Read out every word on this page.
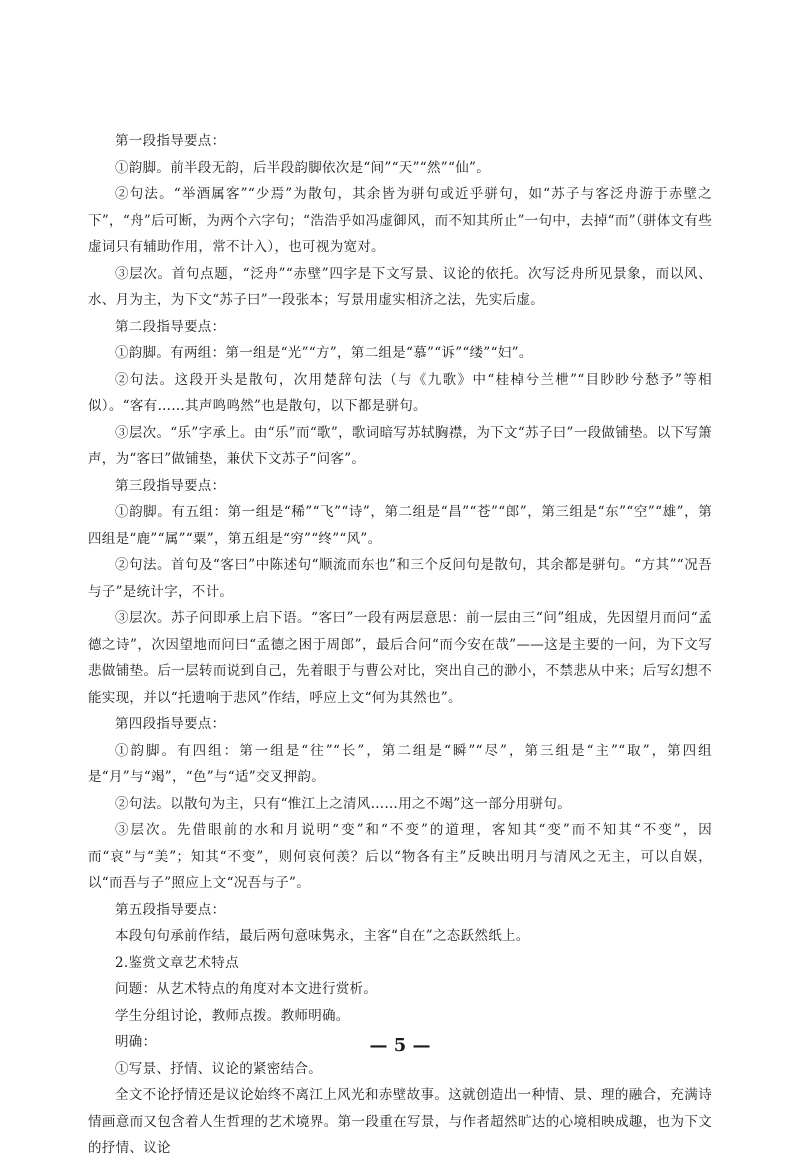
第一段指导要点：

①韵脚。前半段无韵，后半段韵脚依次是“间”“天”“然”“仙”。

②句法。“举酒属客”“少焉”为散句，其余皆为骈句或近乎骈句，如“苏子与客泛舟游于赤壁之下”，“舟”后可断，为两个六字句；“浩浩乎如冯虚御风，而不知其所止”一句中，去掉“而”（骈体文有些虚词只有辅助作用，常不计入），也可视为宽对。

③层次。首句点题，“泛舟”“赤壁”四字是下文写景、议论的依托。次写泛舟所见景象，而以风、水、月为主，为下文“苏子曰”一段张本；写景用虚实相济之法，先实后虚。

第二段指导要点：

①韵脚。有两组：第一组是“光”“方”，第二组是“慕”“诉”“缕”“妇”。

②句法。这段开头是散句，次用楚辞句法（与《九歌》中“桂棹兮兰枻”“目眇眇兮愁予”等相似）。“客有……其声鸣鸣然”也是散句，以下都是骈句。

③层次。“乐”字承上。由“乐”而“歌”，歌词暗写苏轼胸襟，为下文“苏子曰”一段做铺垫。以下写箫声，为“客曰”做铺垫，兼伏下文苏子“问客”。

第三段指导要点：

①韵脚。有五组：第一组是“稀”“飞”“诗”，第二组是“昌”“苍”“郎”，第三组是“东”“空”“雄”，第四组是“鹿”“属”“粟”，第五组是“穷”“终”“风”。

②句法。首句及“客曰”中陈述句“顺流而东也”和三个反问句是散句，其余都是骈句。“方其”“况吾与子”是统计字，不计。

③层次。苏子问即承上启下语。“客曰”一段有两层意思：前一层由三“问”组成，先因望月而问“孟德之诗”，次因望地而问曰“孟德之困于周郎”，最后合问“而今安在哉”——这是主要的一问，为下文写悲做铺垫。后一层转而说到自己，先着眼于与曹公对比，突出自己的渺小，不禁悲从中来；后写幻想不能实现，并以“托遗响于悲风”作结，呼应上文“何为其然也”。

第四段指导要点：

①韵脚。有四组：第一组是“往”“长”，第二组是“瞬”“尽”，第三组是“主”“取”，第四组是“月”与“竭”，“色”与“适”交叉押韵。

②句法。以散句为主，只有“惟江上之清风……用之不竭”这一部分用骈句。

③层次。先借眼前的水和月说明“变”和“不变”的道理，客知其“变”而不知其“不变”，因而“哀”与“美”；知其“不变”，则何哀何羡？后以“物各有主”反映出明月与清风之无主，可以自娱，以“而吾与子”照应上文“况吾与子”。

第五段指导要点：

本段句句承前作结，最后两句意味隽永，主客“自在”之态跃然纸上。

2.鉴赏文章艺术特点

问题：从艺术特点的角度对本文进行赏析。

学生分组讨论，教师点拨。教师明确。

明确：

①写景、抒情、议论的紧密结合。

全文不论抒情还是议论始终不离江上风光和赤壁故事。这就创造出一种情、景、理的融合，充满诗情画意而又包含着人生哲理的艺术境界。第一段重在写景，与作者超然旷达的心境相映成趣，也为下文的抒情、议论

— 5 —
